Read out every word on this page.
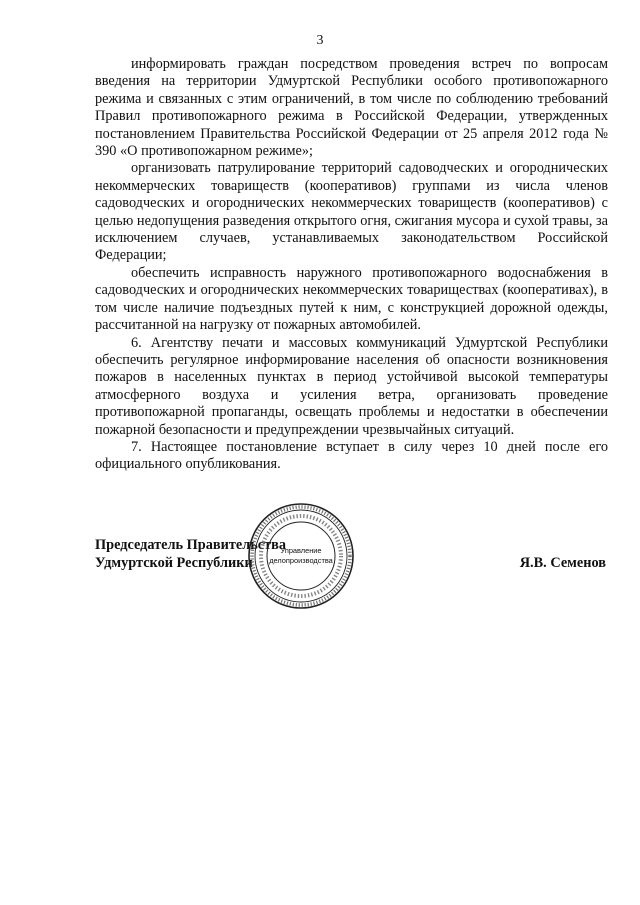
3

информировать граждан посредством проведения встреч по вопросам введения на территории Удмуртской Республики особого противопожарного режима и связанных с этим ограничений, в том числе по соблюдению требований Правил противопожарного режима в Российской Федерации, утвержденных постановлением Правительства Российской Федерации от 25 апреля 2012 года № 390 «О противопожарном режиме»;

организовать патрулирование территорий садоводческих и огороднических некоммерческих товариществ (кооперативов) группами из числа членов садоводческих и огороднических некоммерческих товариществ (кооперативов) с целью недопущения разведения открытого огня, сжигания мусора и сухой травы, за исключением случаев, устанавливаемых законодательством Российской Федерации;

обеспечить исправность наружного противопожарного водоснабжения в садоводческих и огороднических некоммерческих товариществах (кооперативах), в том числе наличие подъездных путей к ним, с конструкцией дорожной одежды, рассчитанной на нагрузку от пожарных автомобилей.

6. Агентству печати и массовых коммуникаций Удмуртской Республики обеспечить регулярное информирование населения об опасности возникновения пожаров в населенных пунктах в период устойчивой высокой температуры атмосферного воздуха и усиления ветра, организовать проведение противопожарной пропаганды, освещать проблемы и недостатки в обеспечении пожарной безопасности и предупреждении чрезвычайных ситуаций.

7. Настоящее постановление вступает в силу через 10 дней после его официального опубликования.

Председатель Правительства
Удмуртской Республики	Я.В. Семенов
Управление
делопроизводства
